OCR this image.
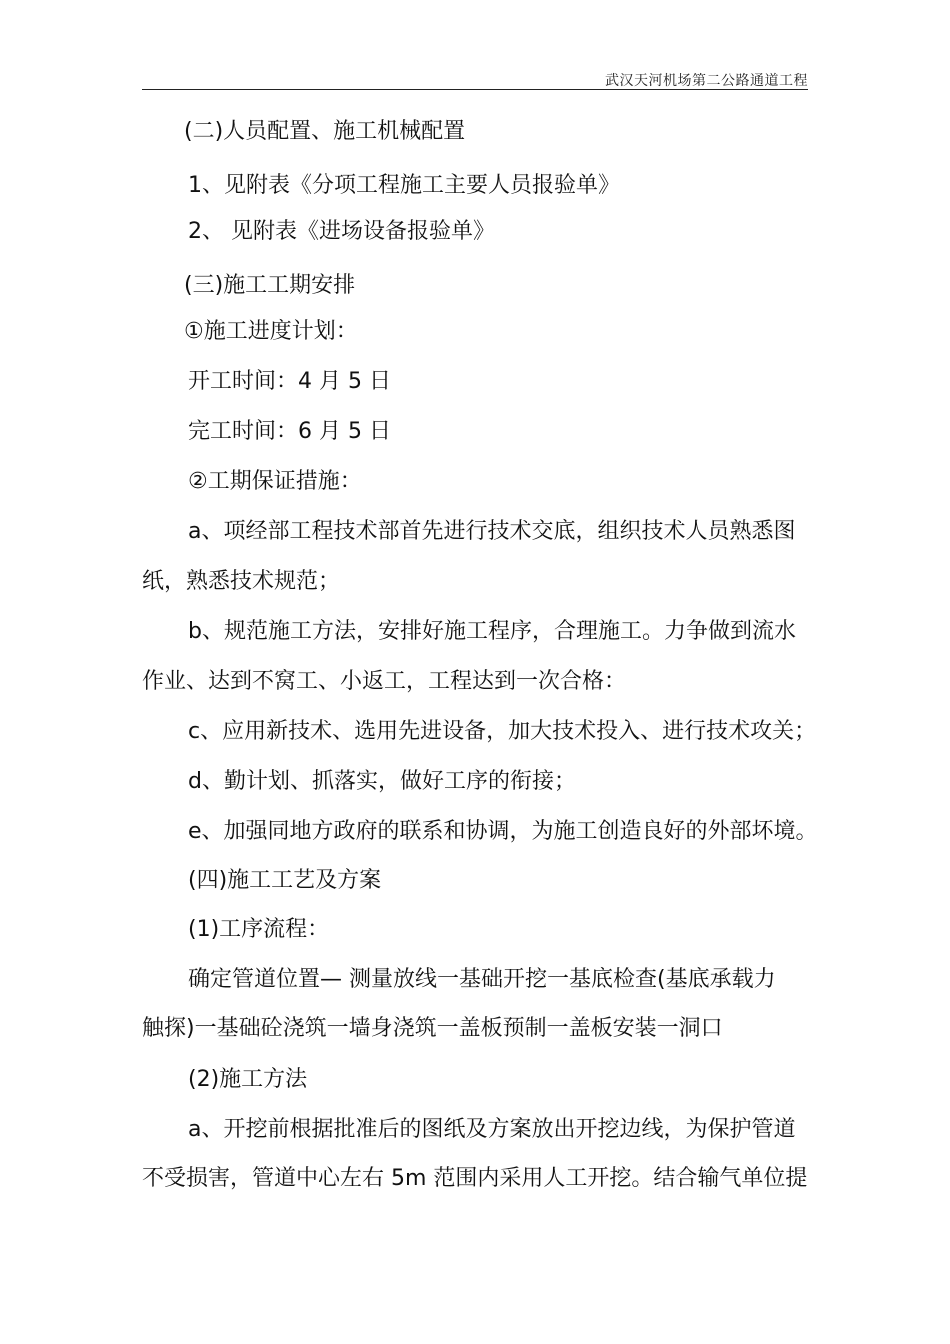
武汉天河机场第二公路通道工程
(二)人员配置、施工机械配置
1、见附表《分项工程施工主要人员报验单》
2、 见附表《进场设备报验单》
(三)施工工期安排
①施工进度计划：
开工时间：4 月 5 日
完工时间：6 月 5 日
②工期保证措施：
a、项经部工程技术部首先进行技术交底，组织技术人员熟悉图
纸，熟悉技术规范；
b、规范施工方法，安排好施工程序，合理施工。力争做到流水
作业、达到不窝工、小返工，工程达到一次合格：
c、应用新技术、选用先进设备，加大技术投入、进行技术攻关；
d、勤计划、抓落实，做好工序的衔接；
e、加强同地方政府的联系和协调，为施工创造良好的外部坏境。
(四)施工工艺及方案
(1)工序流程：
确定管道位置— 测量放线一基础开挖一基底检查(基底承载力
触探)一基础砼浇筑一墙身浇筑一盖板预制一盖板安装一洞口
(2)施工方法
a、开挖前根据批准后的图纸及方案放出开挖边线，为保护管道
不受损害，管道中心左右 5m 范围内采用人工开挖。结合输气单位提
